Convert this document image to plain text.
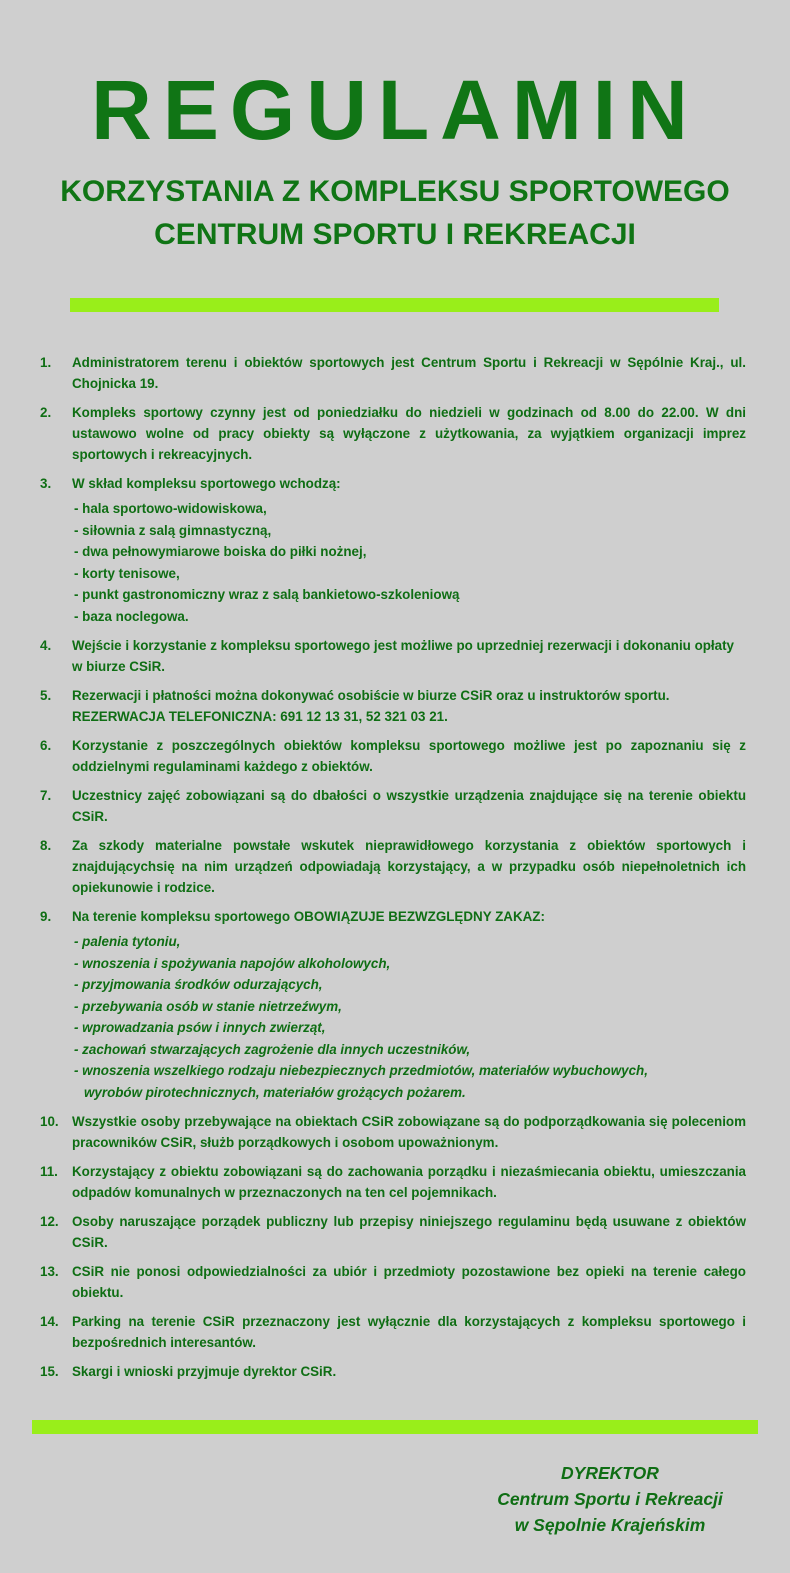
REGULAMIN
KORZYSTANIA Z KOMPLEKSU SPORTOWEGO
CENTRUM SPORTU I REKREACJI
1.	Administratorem terenu i obiektów sportowych jest Centrum Sportu i Rekreacji w Sępólnie Kraj., ul. Chojnicka 19.
2.	Kompleks sportowy czynny jest od poniedziałku do niedzieli w godzinach od 8.00 do 22.00. W dni ustawowo wolne od pracy obiekty są wyłączone z użytkowania, za wyjątkiem organizacji imprez sportowych i rekreacyjnych.
3.	W skład kompleksu sportowego wchodzą:
- hala sportowo-widowiskowa,
- siłownia z salą gimnastyczną,
- dwa pełnowymiarowe boiska do piłki nożnej,
- korty tenisowe,
- punkt gastronomiczny wraz z salą bankietowo-szkoleniową
- baza noclegowa.
4.	Wejście i korzystanie z kompleksu sportowego jest możliwe po uprzedniej rezerwacji i dokonaniu opłaty
w biurze CSiR.
5.	Rezerwacji i płatności można dokonywać osobiście w biurze CSiR oraz u instruktorów sportu.
REZERWACJA TELEFONICZNA: 691 12 13 31, 52 321 03 21.
6.	Korzystanie z poszczególnych obiektów kompleksu sportowego możliwe jest po zapoznaniu się z oddzielnymi regulaminami każdego z obiektów.
7.	Uczestnicy zajęć zobowiązani są do dbałości o wszystkie urządzenia znajdujące się na terenie obiektu CSiR.
8.	Za szkody materialne powstałe wskutek nieprawidłowego korzystania z obiektów sportowych i znajdującychsię na nim urządzeń odpowiadają korzystający, a w przypadku osób niepełnoletnich ich opiekunowie i rodzice.
9.	Na terenie kompleksu sportowego OBOWIĄZUJE BEZWZGLĘDNY ZAKAZ:
- palenia tytoniu,
- wnoszenia i spożywania napojów alkoholowych,
- przyjmowania środków odurzających,
- przebywania osób w stanie nietrzeźwym,
- wprowadzania psów i innych zwierząt,
- zachowań stwarzających zagrożenie dla innych uczestników,
- wnoszenia wszelkiego rodzaju niebezpiecznych przedmiotów, materiałów wybuchowych,
wyrobów pirotechnicznych, materiałów grożących pożarem.
10. Wszystkie osoby przebywające na obiektach CSiR zobowiązane są do podporządkowania się poleceniom pracowników CSiR, służb porządkowych i osobom upoważnionym.
11.	Korzystający z obiektu zobowiązani są do zachowania porządku i niezaśmiecania obiektu, umieszczania odpadów komunalnych w przeznaczonych na ten cel pojemnikach.
12. Osoby naruszające porządek publiczny lub przepisy niniejszego regulaminu będą usuwane z obiektów CSiR.
13. CSiR nie ponosi odpowiedzialności za ubiór i przedmioty pozostawione bez opieki na terenie całego obiektu.
14. Parking na terenie CSiR przeznaczony jest wyłącznie dla korzystających z kompleksu sportowego i bezpośrednich interesantów.
15. Skargi i wnioski przyjmuje dyrektor CSiR.
DYREKTOR
Centrum Sportu i Rekreacji
w Sępolnie Krajeńskim
